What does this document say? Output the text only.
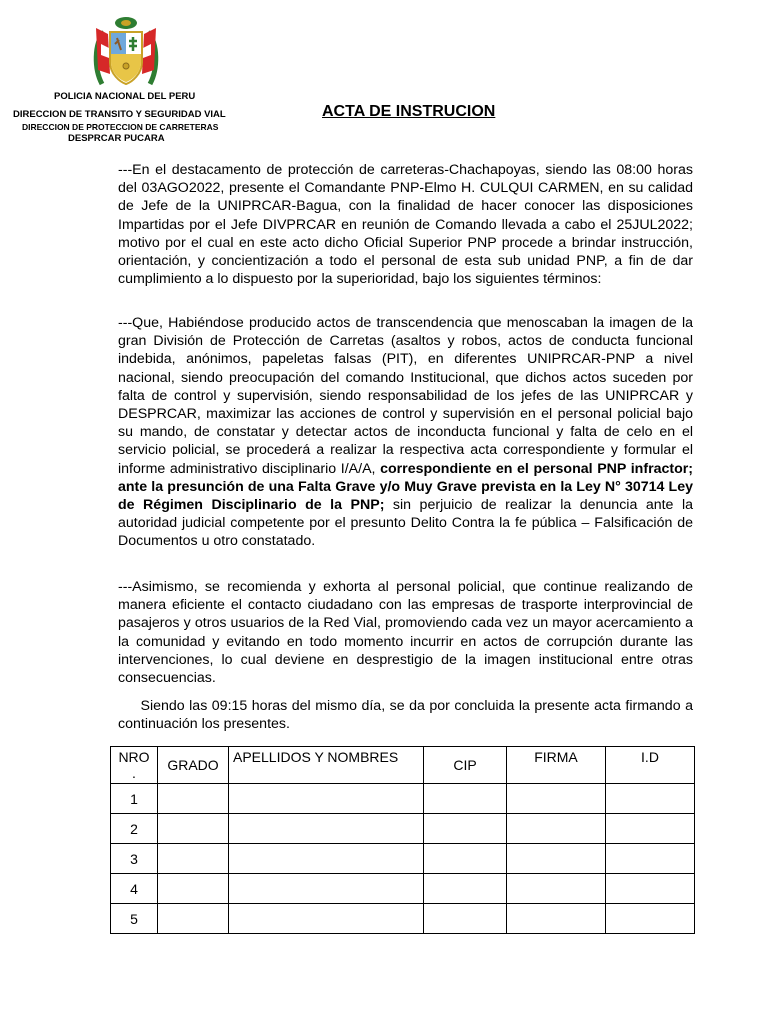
POLICIA NACIONAL DEL PERU
DIRECCION DE TRANSITO Y SEGURIDAD VIAL
DIRECCION DE PROTECCION DE CARRETERAS
DESPRCAR PUCARA
ACTA DE INSTRUCION

---En el destacamento de protección de carreteras-Chachapoyas, siendo las 08:00 horas del 03AGO2022, presente el Comandante PNP-Elmo H. CULQUI CARMEN, en su calidad de Jefe de la UNIPRCAR-Bagua, con la finalidad de hacer conocer las disposiciones Impartidas por el Jefe DIVPRCAR en reunión de Comando llevada a cabo el 25JUL2022; motivo por el cual en este acto dicho Oficial Superior PNP procede a brindar instrucción, orientación, y concientización a todo el personal de esta sub unidad PNP, a fin de dar cumplimiento a lo dispuesto por la superioridad, bajo los siguientes términos:

---Que, Habiéndose producido actos de transcendencia que menoscaban la imagen de la gran División de Protección de Carretas (asaltos y robos, actos de conducta funcional indebida, anónimos, papeletas falsas (PIT), en diferentes UNIPRCAR-PNP a nivel nacional, siendo preocupación del comando Institucional, que dichos actos suceden por falta de control y supervisión, siendo responsabilidad de los jefes de las UNIPRCAR y DESPRCAR, maximizar las acciones de control y supervisión en el personal policial bajo su mando, de constatar y detectar actos de inconducta funcional y falta de celo en el servicio policial, se procederá a realizar la respectiva acta correspondiente y formular el informe administrativo disciplinario I/A/A, correspondiente en el personal PNP infractor; ante la presunción de una Falta Grave y/o Muy Grave prevista en la Ley N° 30714 Ley de Régimen Disciplinario de la PNP; sin perjuicio de realizar la denuncia ante la autoridad judicial competente por el presunto Delito Contra la fe pública – Falsificación de Documentos u otro constatado.

---Asimismo, se recomienda y exhorta al personal policial, que continue realizando de manera eficiente el contacto ciudadano con las empresas de trasporte interprovincial de pasajeros y otros usuarios de la Red Vial, promoviendo cada vez un mayor acercamiento a la comunidad y evitando en todo momento incurrir en actos de corrupción durante las intervenciones, lo cual deviene en desprestigio de la imagen institucional entre otras consecuencias.

Siendo las 09:15 horas del mismo día, se da por concluida la presente acta firmando a continuación los presentes.

NRO
.	GRADO	APELLIDOS Y NOMBRES	CIP	FIRMA	I.D

1					
2					
3					
4					
5					
